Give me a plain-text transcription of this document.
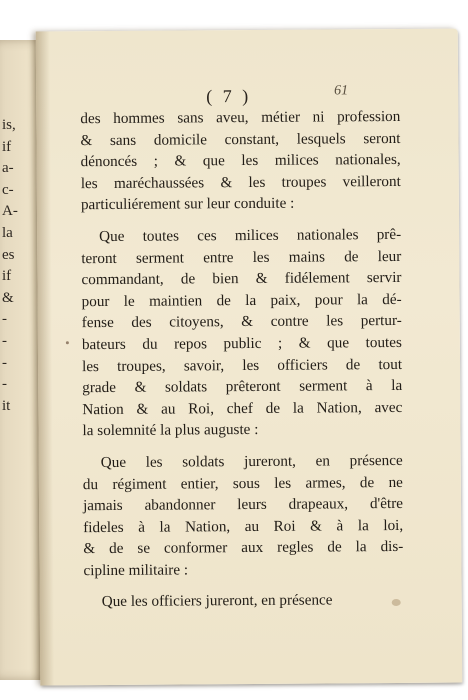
is,
if
a-
c-
A-
la
es
if
&
-
-
-
-
it
( 7 )	61
des hommes sans aveu, métier ni profession
& sans domicile constant, lesquels seront
dénoncés ; & que les milices nationales,
les maréchaussées & les troupes veilleront
particuliérement sur leur conduite :
Que toutes ces milices nationales prê-
teront serment entre les mains de leur
commandant, de bien & fidélement servir
pour le maintien de la paix, pour la dé-
fense des citoyens, & contre les pertur-
bateurs du repos public ; & que toutes
les troupes, savoir, les officiers de tout
grade & soldats prêteront serment à la
Nation & au Roi, chef de la Nation, avec
la solemnité la plus auguste :
Que les soldats jureront, en présence
du régiment entier, sous les armes, de ne
jamais abandonner leurs drapeaux, d'être
fideles à la Nation, au Roi & à la loi,
& de se conformer aux regles de la dis-
cipline militaire :
Que les officiers jureront, en présence
